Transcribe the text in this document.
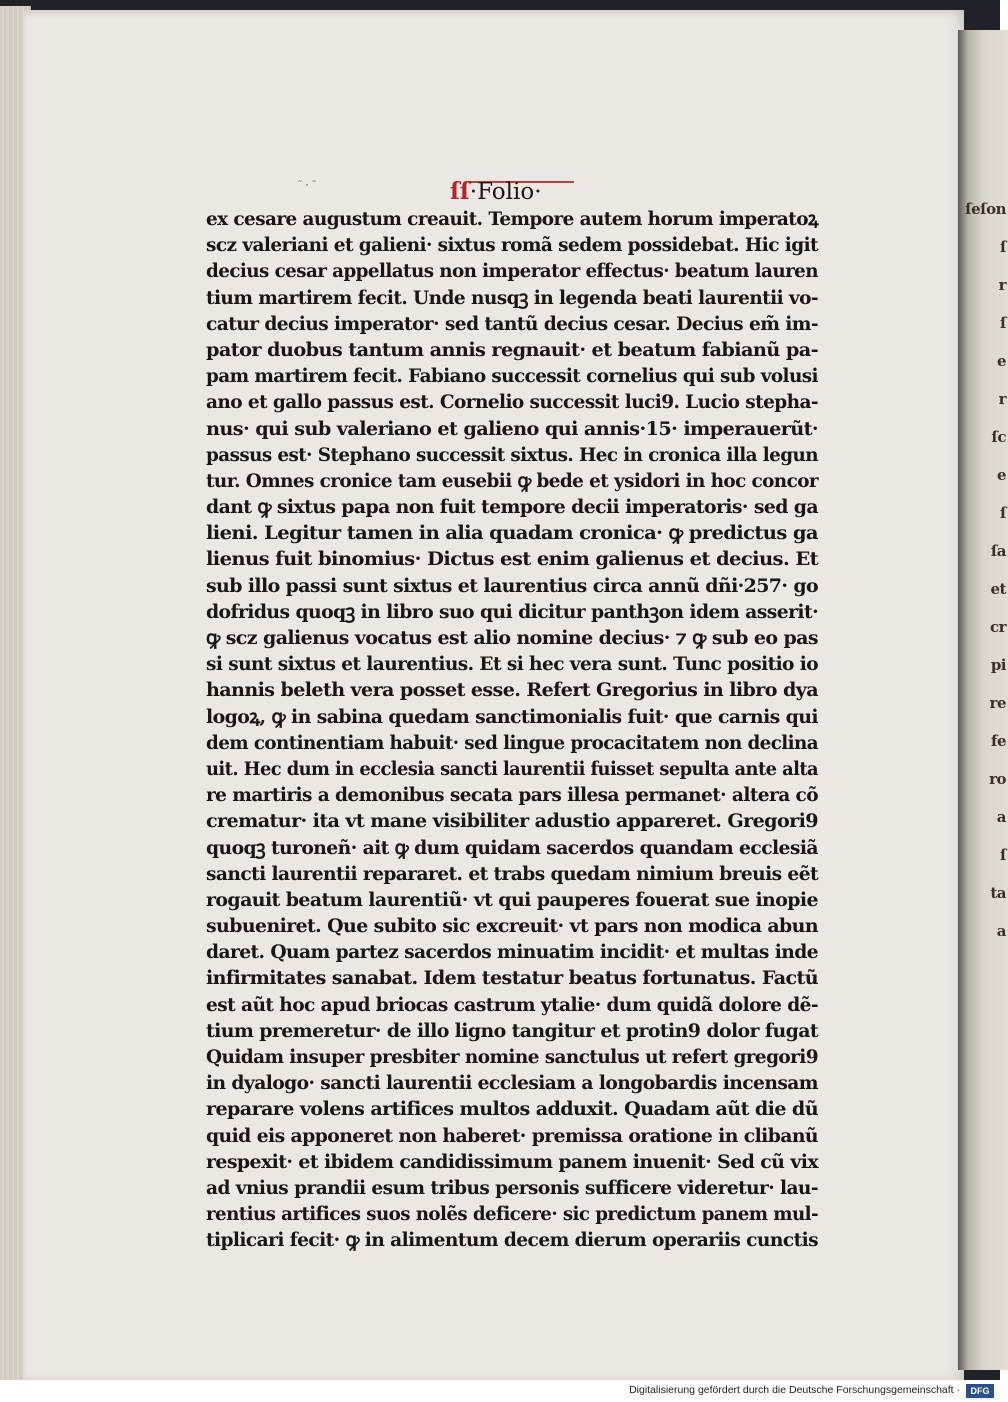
ſeſon
ſ
r
ſ
e
r
ſc
e
ſ
ſa
et
cr
pi
re
fe
ro
a
ſ
ta
a
˜·˜	ſſ·Folio·
ex cesare augustum creauit. Tempore autem horum imperatoꝝ
scz valeriani et galieni· sixtus romã sedem possidebat. Hic igit
decius cesar appellatus non imperator effectus· beatum lauren
tium martirem fecit. Unde nusqꝫ in legenda beati laurentii vo-
catur decius imperator· sed tantũ decius cesar. Decius em̃ im-
pator duobus tantum annis regnauit· et beatum fabianũ pa-
pam martirem fecit. Fabiano successit cornelius qui sub volusi
ano et gallo passus est. Cornelio successit luci9. Lucio stepha-
nus· qui sub valeriano et galieno qui annis·15· imperauerũt·
passus est· Stephano successit sixtus. Hec in cronica illa legun
tur. Omnes cronice tam eusebii ꝙ bede et ysidori in hoc concor
dant ꝙ sixtus papa non fuit tempore decii imperatoris· sed ga
lieni. Legitur tamen in alia quadam cronica· ꝙ predictus ga
lienus fuit binomius· Dictus est enim galienus et decius. Et
sub illo passi sunt sixtus et laurentius circa annũ dñi·257· go
dofridus quoqꝫ in libro suo qui dicitur panthꝫon idem asserit·
ꝙ scz galienus vocatus est alio nomine decius· ⁊ ꝙ sub eo pas
si sunt sixtus et laurentius. Et si hec vera sunt. Tunc positio io
hannis beleth vera posset esse. Refert Gregorius in libro dya
logoꝝ, ꝙ in sabina quedam sanctimonialis fuit· que carnis qui
dem continentiam habuit· sed lingue procacitatem non declina
uit. Hec dum in ecclesia sancti laurentii fuisset sepulta ante alta
re martiris a demonibus secata pars illesa permanet· altera cõ
crematur· ita vt mane visibiliter adustio appareret. Gregori9
quoqꝫ turoneñ· ait ꝙ dum quidam sacerdos quandam ecclesiã
sancti laurentii repararet. et trabs quedam nimium breuis eẽt
rogauit beatum laurentiũ· vt qui pauperes fouerat sue inopie
subueniret. Que subito sic excreuit· vt pars non modica abun
daret. Quam partez sacerdos minuatim incidit· et multas inde
infirmitates sanabat. Idem testatur beatus fortunatus. Factũ
est aũt hoc apud briocas castrum ytalie· dum quidã dolore dẽ-
tium premeretur· de illo ligno tangitur et protin9 dolor fugat
Quidam insuper presbiter nomine sanctulus ut refert gregori9
in dyalogo· sancti laurentii ecclesiam a longobardis incensam
reparare volens artifices multos adduxit. Quadam aũt die dũ
quid eis apponeret non haberet· premissa oratione in clibanũ
respexit· et ibidem candidissimum panem inuenit· Sed cũ vix
ad vnius prandii esum tribus personis sufficere videretur· lau-
rentius artifices suos nolẽs deficere· sic predictum panem mul-
tiplicari fecit· ꝙ in alimentum decem dierum operariis cunctis
Digitalisierung gefördert durch die Deutsche Forschungsgemeinschaft ·	DFG
